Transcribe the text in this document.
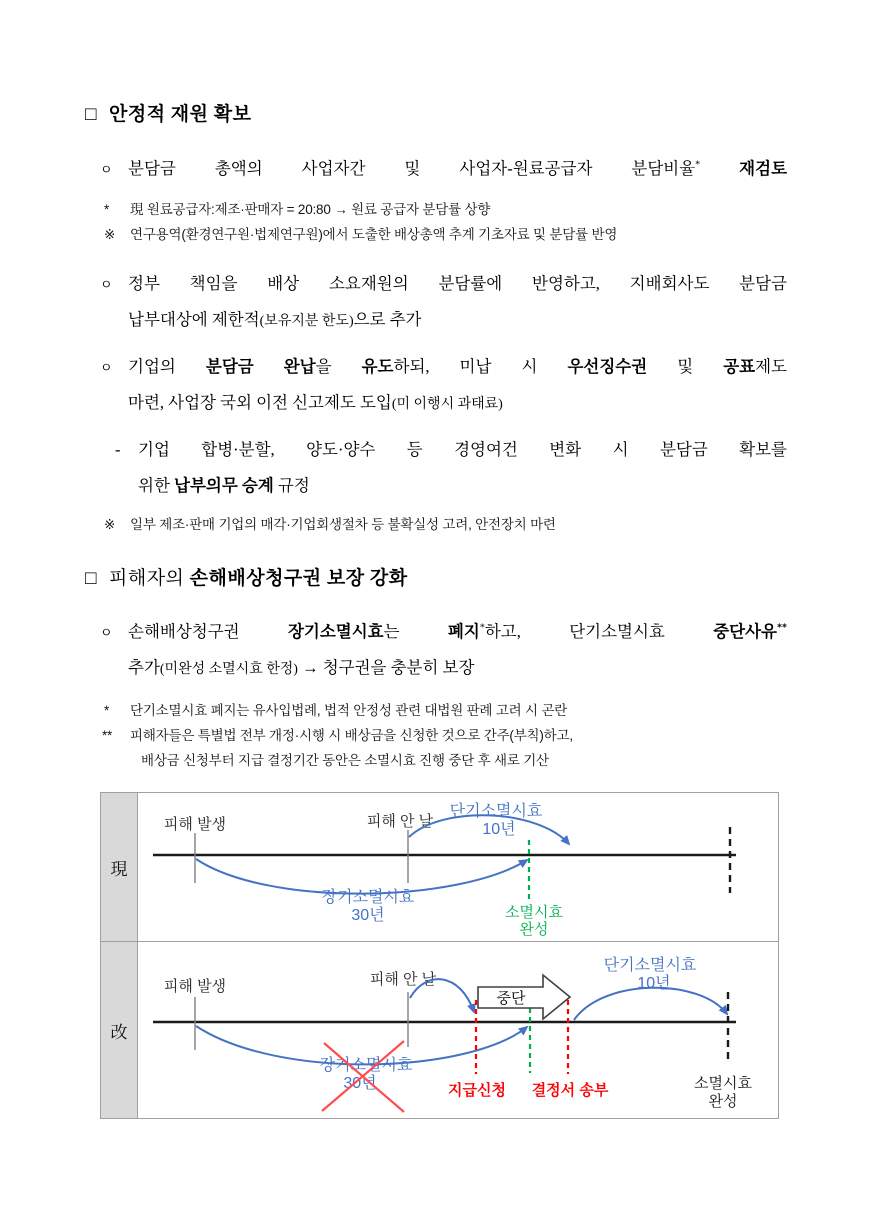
□ 안정적 재원 확보
ㅇ 분담금 총액의 사업자간 및 사업자-원료공급자 분담비율* 재검토
*	現 원료공급자:제조·판매자 = 20:80 → 원료 공급자 분담률 상향
※	연구용역(환경연구원·법제연구원)에서 도출한 배상총액 추계 기초자료 및 분담률 반영
ㅇ 정부 책임을 배상 소요재원의 분담률에 반영하고, 지배회사도 분담금
납부대상에 제한적(보유지분 한도)으로 추가
ㅇ 기업의 분담금 완납을 유도하되, 미납 시 우선징수권 및 공표제도
마련, 사업장 국외 이전 신고제도 도입(미 이행시 과태료)
-	기업 합병·분할, 양도·양수 등 경영여건 변화 시 분담금 확보를
위한 납부의무 승계 규정
※	일부 제조·판매 기업의 매각·기업회생절차 등 불확실성 고려, 안전장치 마련
□ 피해자의 손해배상청구권 보장 강화
ㅇ 손해배상청구권 장기소멸시효는 폐지*하고, 단기소멸시효 중단사유**
추가(미완성 소멸시효 한정) → 청구권을 충분히 보장
*	단기소멸시효 폐지는 유사입법례, 법적 안정성 관련 대법원 판례 고려 시 곤란
**	피해자들은 특별법 전부 개정·시행 시 배상금을 신청한 것으로 간주(부칙)하고,
배상금 신청부터 지급 결정기간 동안은 소멸시효 진행 중단 후 새로 기산
現
피해 발생	피해 안 날
단기소멸시효
10년
장기소멸시효
30년	소멸시효
완성
改
피해 발생	피해 안 날
장기소멸시효
30년
중단
지급신청 결정서 송부
단기소멸시효
10년
소멸시효
완성
